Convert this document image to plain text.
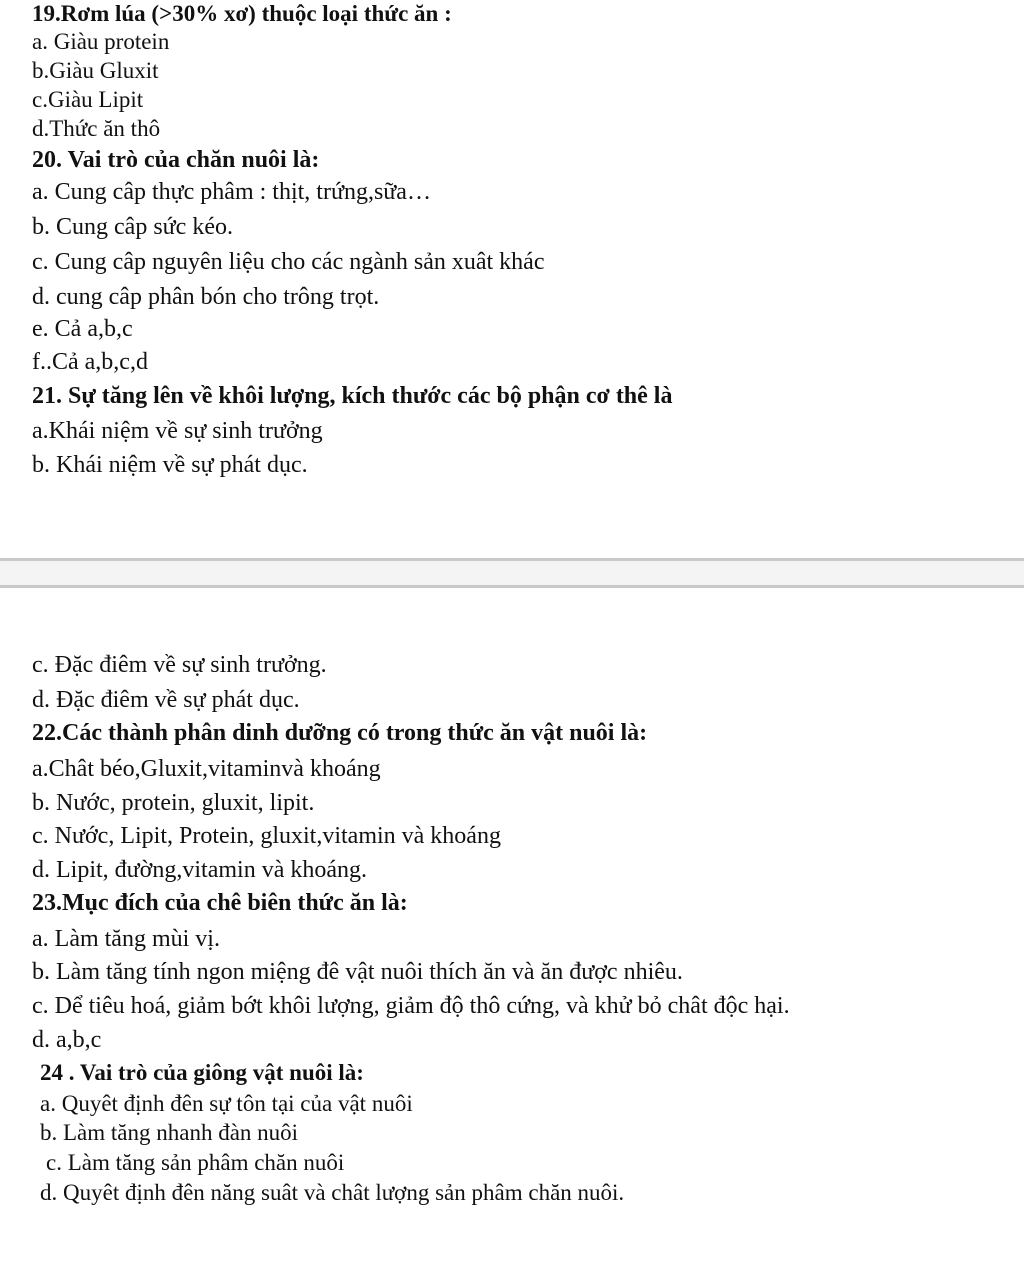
19.Rơm lúa (>30% xơ) thuộc loại thức ăn :

a. Giàu protein

b.Giàu Gluxit

c.Giàu Lipit

d.Thức ăn thô

20. Vai trò của chăn nuôi là:

a. Cung câp thực phâm : thịt, trứng,sữa…

b. Cung câp sức kéo.

c. Cung câp nguyên liệu cho các ngành sản xuât khác

d. cung câp phân bón cho trông trọt.

e. Cả a,b,c

f..Cả a,b,c,d

21. Sự tăng lên về khôi lượng, kích thước các bộ phận cơ thê là

a.Khái niệm về sự sinh trưởng

b. Khái niệm về sự phát dục.

c. Đặc điêm về sự sinh trưởng.

d. Đặc điêm về sự phát dục.

22.Các thành phân dinh dưỡng có trong thức ăn vật nuôi là:

a.Chât béo,Gluxit,vitaminvà khoáng

b. Nước, protein, gluxit, lipit.

c. Nước, Lipit, Protein, gluxit,vitamin và khoáng

d. Lipit, đường,vitamin và khoáng.

23.Mục đích của chê biên thức ăn là:

a. Làm tăng mùi vị.

b. Làm tăng tính ngon miệng đê vật nuôi thích ăn và ăn được nhiêu.

c. Dể tiêu hoá, giảm bớt khôi lượng, giảm độ thô cứng, và khử bỏ chât độc hại.

d. a,b,c

24 . Vai trò của giông vật nuôi là:

a. Quyêt định đên sự tôn tại của vật nuôi

b. Làm tăng nhanh đàn nuôi

c. Làm tăng sản phâm chăn nuôi

d. Quyêt định đên năng suât và chât lượng sản phâm chăn nuôi.
